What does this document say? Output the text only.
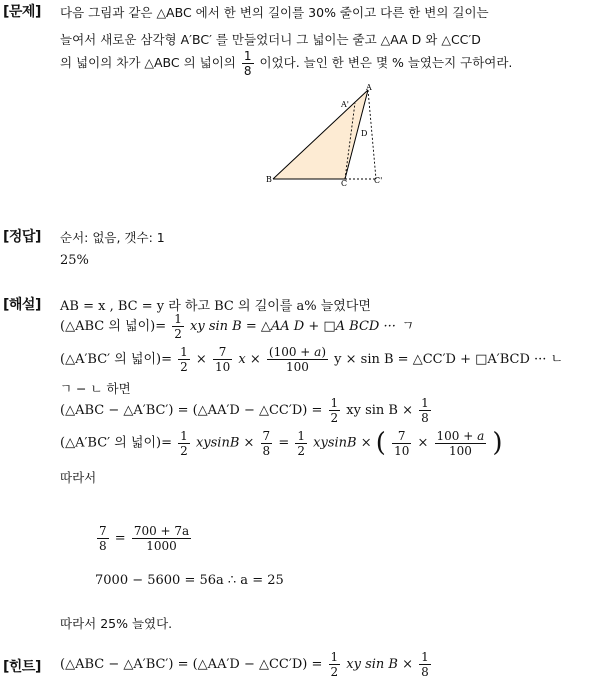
[문제] 다음 그림과 같은 △ABC 에서 한 변의 길이를 30% 줄이고 다른 한 변의 길이는
늘여서 새로운 삼각형 A′BC′ 를 만들었더니 그 넓이는 줄고 △AA D 와 △CC′D
의 넓이의 차가 △ABC 의 넓이의 $\frac{1}{8}$ 이었다. 늘인 한 변은 몇 % 늘였는지 구하여라.
A
A'
D
B	C	C'
[정답] 순서: 없음, 갯수: 1
25%
[해설] AB = x , BC = y 라 하고 BC 의 길이를 a% 늘였다면
(△ABC 의 넓이)= $\frac{1}{2}$ xy sin B = △AA D + □A BCD ··· ㄱ
(△A′BC′ 의 넓이)= $\frac{1}{2} \times \frac{7}{10}$ $x \times \frac{(100 + a)}{100}$ y × sin B = △CC′D + □A′BCD ··· ㄴ
ㄱ − ㄴ 하면
(△ABC − △A′BC′) = (△AA′D − △CC′D) = $\frac{1}{2}$ xy $\sin B \times \frac{1}{8}$
(△A′BC′ 의 넓이)= $\frac{1}{2}$ $xysinB \times \frac{7}{8} = \frac{1}{2}$ xysinB × ( $\frac{7}{10} \times \frac{100 + a}{100}$ )
따라서
$\frac{7}{8} = \frac{700 + 7a}{1000}$
7000 − 5600 = 56a ∴ a = 25
따라서 25% 늘였다.
[힌트] (△ABC − △A′BC′) = (△AA′D − △CC′D) = $\frac{1}{2}$ xy $\sin B \times \frac{1}{8}$
